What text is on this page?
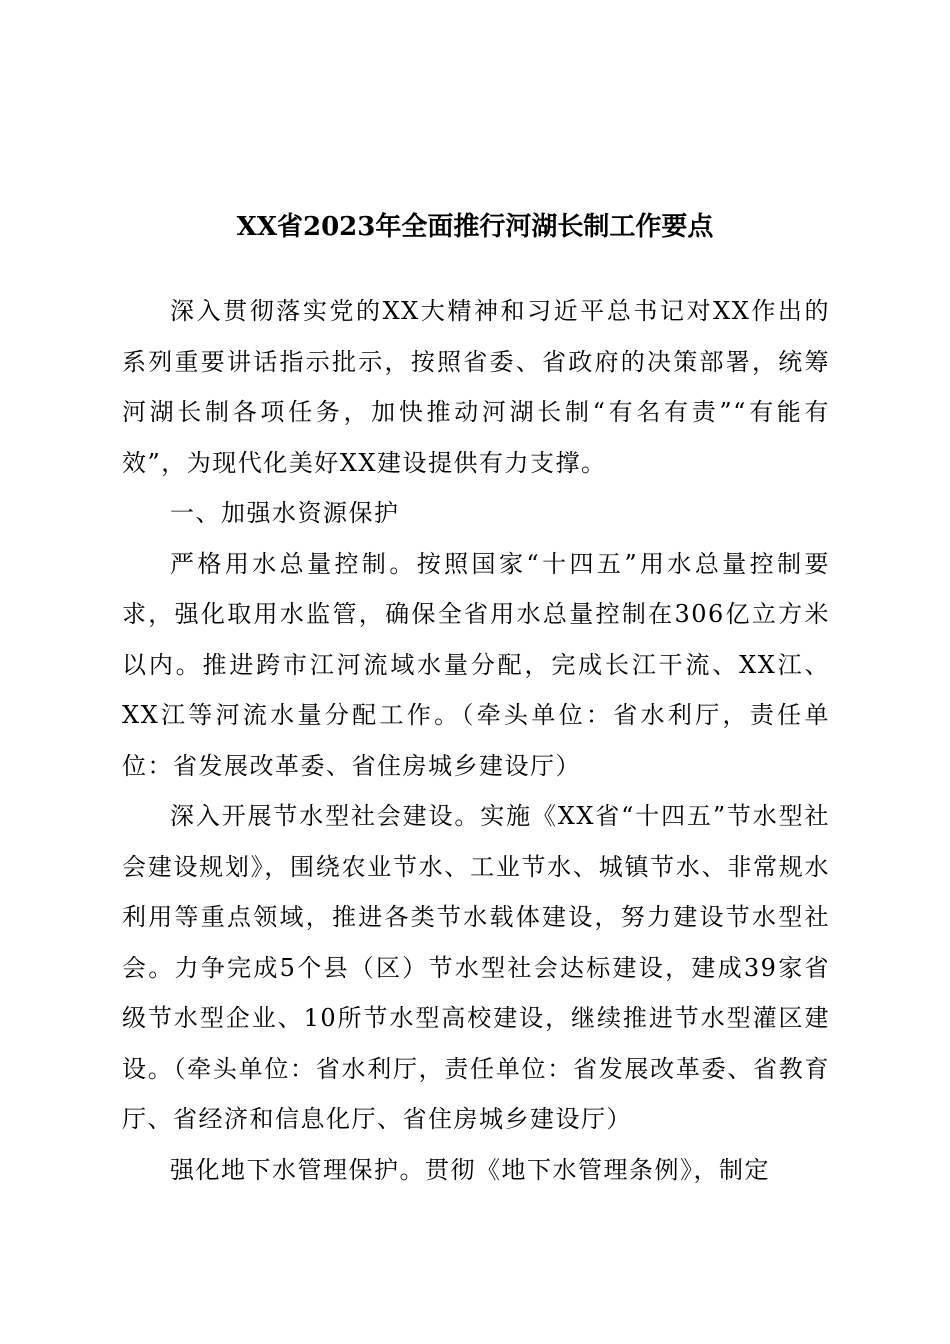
XX省2023年全面推行河湖长制工作要点

深入贯彻落实党的XX大精神和习近平总书记对XX作出的系列重要讲话指示批示，按照省委、省政府的决策部署，统筹河湖长制各项任务，加快推动河湖长制“有名有责”“有能有效”，为现代化美好XX建设提供有力支撑。

一、加强水资源保护

严格用水总量控制。按照国家“十四五”用水总量控制要求，强化取用水监管，确保全省用水总量控制在306亿立方米以内。推进跨市江河流域水量分配，完成长江干流、XX江、XX江等河流水量分配工作。（牵头单位：省水利厅，责任单位：省发展改革委、省住房城乡建设厅）

深入开展节水型社会建设。实施《XX省“十四五”节水型社会建设规划》，围绕农业节水、工业节水、城镇节水、非常规水利用等重点领域，推进各类节水载体建设，努力建设节水型社会。力争完成5个县（区）节水型社会达标建设，建成39家省级节水型企业、10所节水型高校建设，继续推进节水型灌区建设。（牵头单位：省水利厅，责任单位：省发展改革委、省教育厅、省经济和信息化厅、省住房城乡建设厅）

强化地下水管理保护。贯彻《地下水管理条例》，制定
